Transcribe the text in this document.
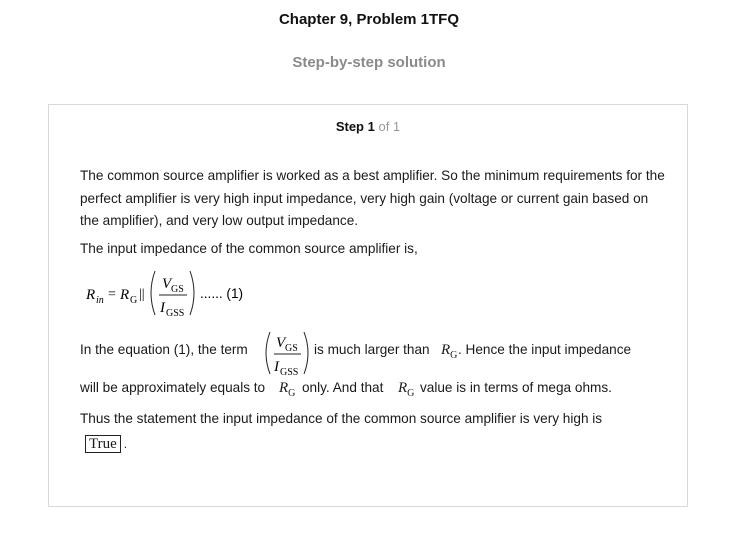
Chapter 9, Problem 1TFQ
Step-by-step solution
Step 1 of 1
The common source amplifier is worked as a best amplifier. So the minimum requirements for the perfect amplifier is very high input impedance, very high gain (voltage or current gain based on the amplifier), and very low output impedance.
The input impedance of the common source amplifier is,
R in = R G ||
V GS
I GSS
...... (1)
In the equation (1), the term V GS
I GSS
is much larger than $R_G$ . Hence the input impedance
will be approximately equals to $R_G$ only. And that $R_G$ value is in terms of mega ohms.
Thus the statement the input impedance of the common source amplifier is very high is
True .
